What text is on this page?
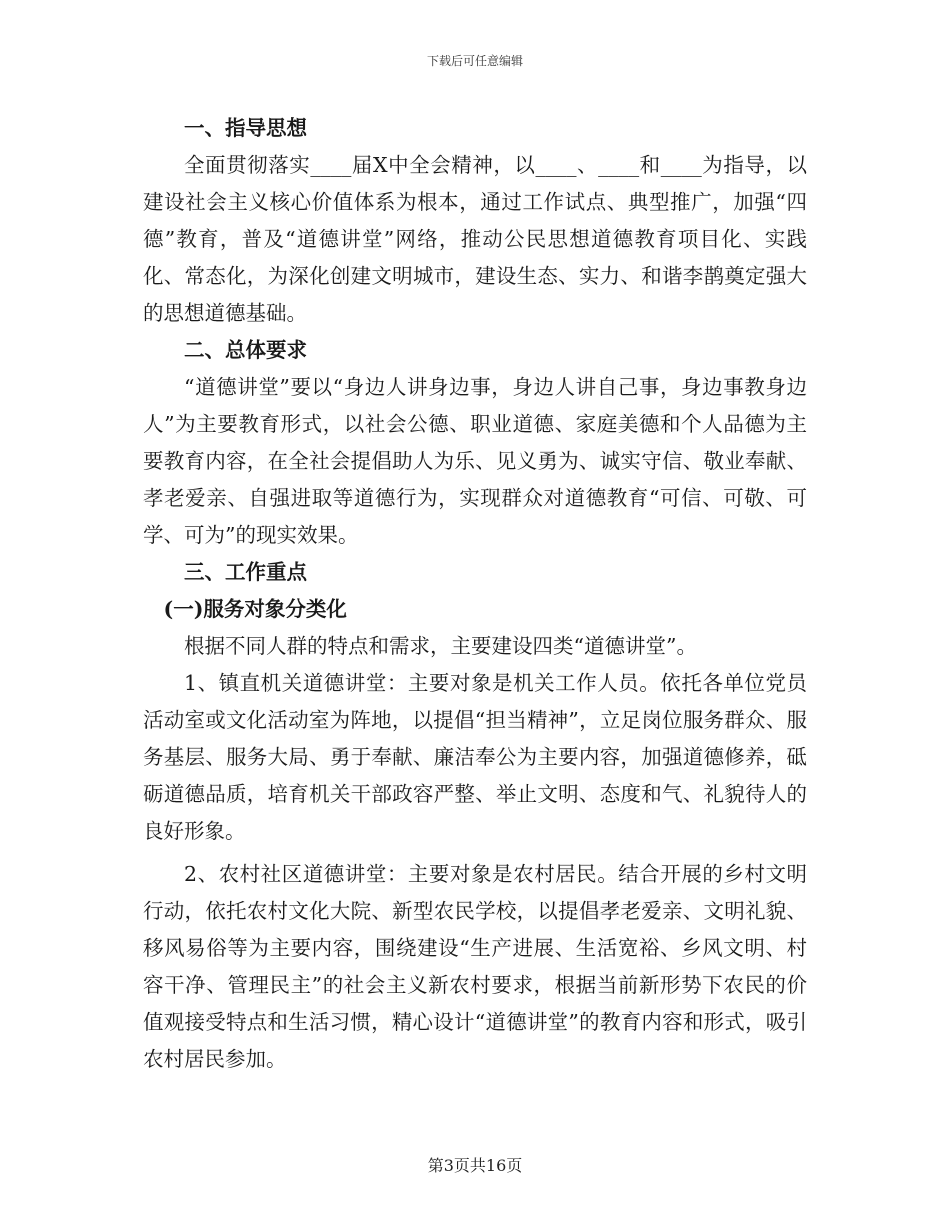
下载后可任意编辑
一、指导思想

全面贯彻落实____届X中全会精神，以____、____和____为指导，以建设社会主义核心价值体系为根本，通过工作试点、典型推广，加强“四德”教育，普及“道德讲堂”网络，推动公民思想道德教育项目化、实践化、常态化，为深化创建文明城市，建设生态、实力、和谐李鹊奠定强大的思想道德基础。

二、总体要求

“道德讲堂”要以“身边人讲身边事，身边人讲自己事，身边事教身边人”为主要教育形式，以社会公德、职业道德、家庭美德和个人品德为主要教育内容，在全社会提倡助人为乐、见义勇为、诚实守信、敬业奉献、孝老爱亲、自强进取等道德行为，实现群众对道德教育“可信、可敬、可学、可为”的现实效果。

三、工作重点
(一)服务对象分类化

根据不同人群的特点和需求，主要建设四类“道德讲堂”。

1、镇直机关道德讲堂：主要对象是机关工作人员。依托各单位党员活动室或文化活动室为阵地，以提倡“担当精神”，立足岗位服务群众、服务基层、服务大局、勇于奉献、廉洁奉公为主要内容，加强道德修养，砥砺道德品质，培育机关干部政容严整、举止文明、态度和气、礼貌待人的良好形象。

2、农村社区道德讲堂：主要对象是农村居民。结合开展的乡村文明行动，依托农村文化大院、新型农民学校，以提倡孝老爱亲、文明礼貌、移风易俗等为主要内容，围绕建设“生产进展、生活宽裕、乡风文明、村容干净、管理民主”的社会主义新农村要求，根据当前新形势下农民的价值观接受特点和生活习惯，精心设计“道德讲堂”的教育内容和形式，吸引农村居民参加。

第3页共16页
